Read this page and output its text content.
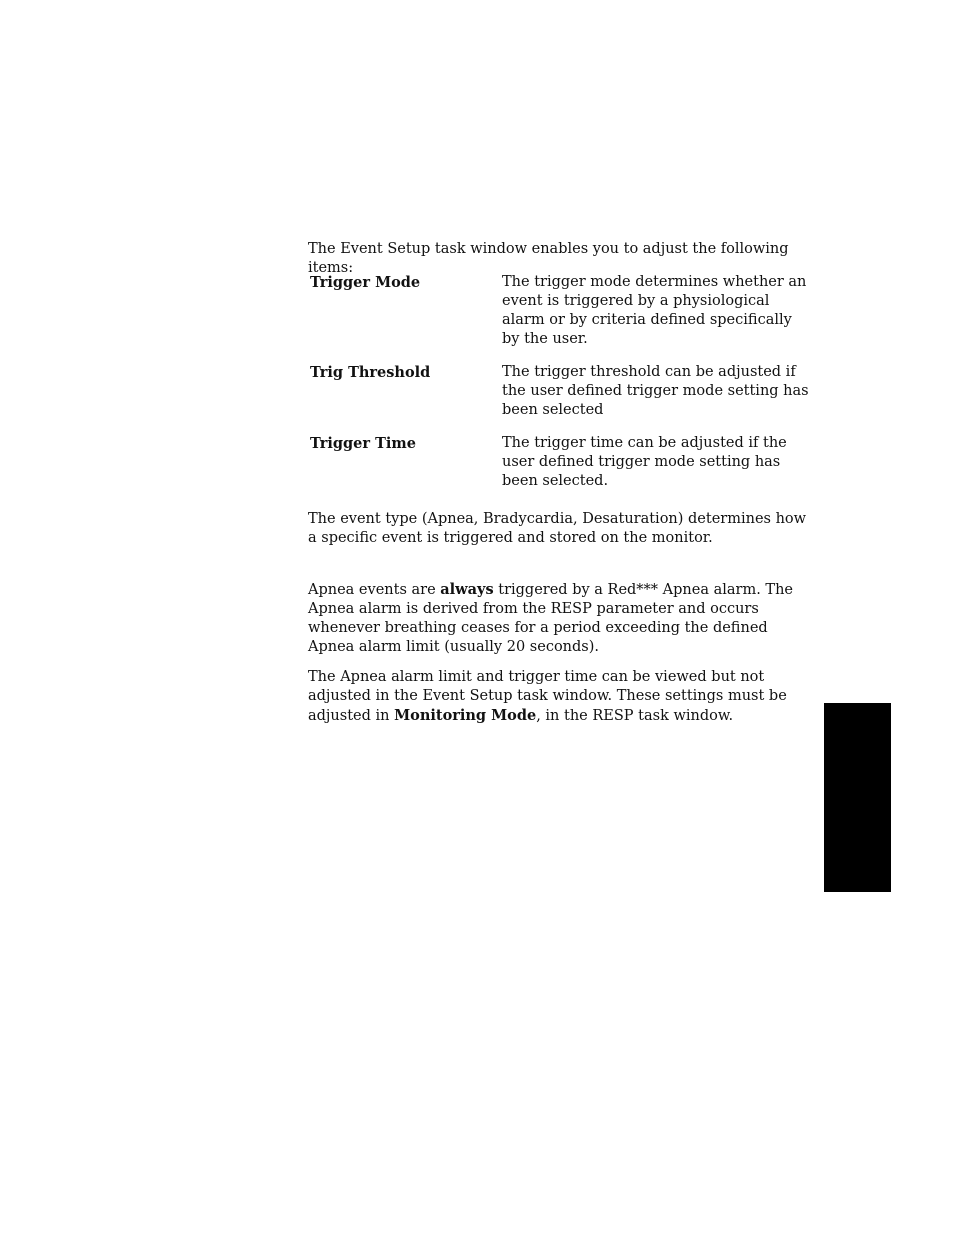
The Event Setup task window enables you to adjust the following items:

Trigger Mode	The trigger mode determines whether an event is triggered by a physiological alarm or by criteria defined specifically by the user.
Trig Threshold	The trigger threshold can be adjusted if the user defined trigger mode setting has been selected
Trigger Time	The trigger time can be adjusted if the user defined trigger mode setting has been selected.

The event type (Apnea, Bradycardia, Desaturation) determines how a specific event is triggered and stored on the monitor.

Apnea events are always triggered by a Red*** Apnea alarm. The Apnea alarm is derived from the RESP parameter and occurs whenever breathing ceases for a period exceeding the defined Apnea alarm limit (usually 20 seconds).

The Apnea alarm limit and trigger time can be viewed but not adjusted in the Event Setup task window. These settings must be adjusted in Monitoring Mode, in the RESP task window.
